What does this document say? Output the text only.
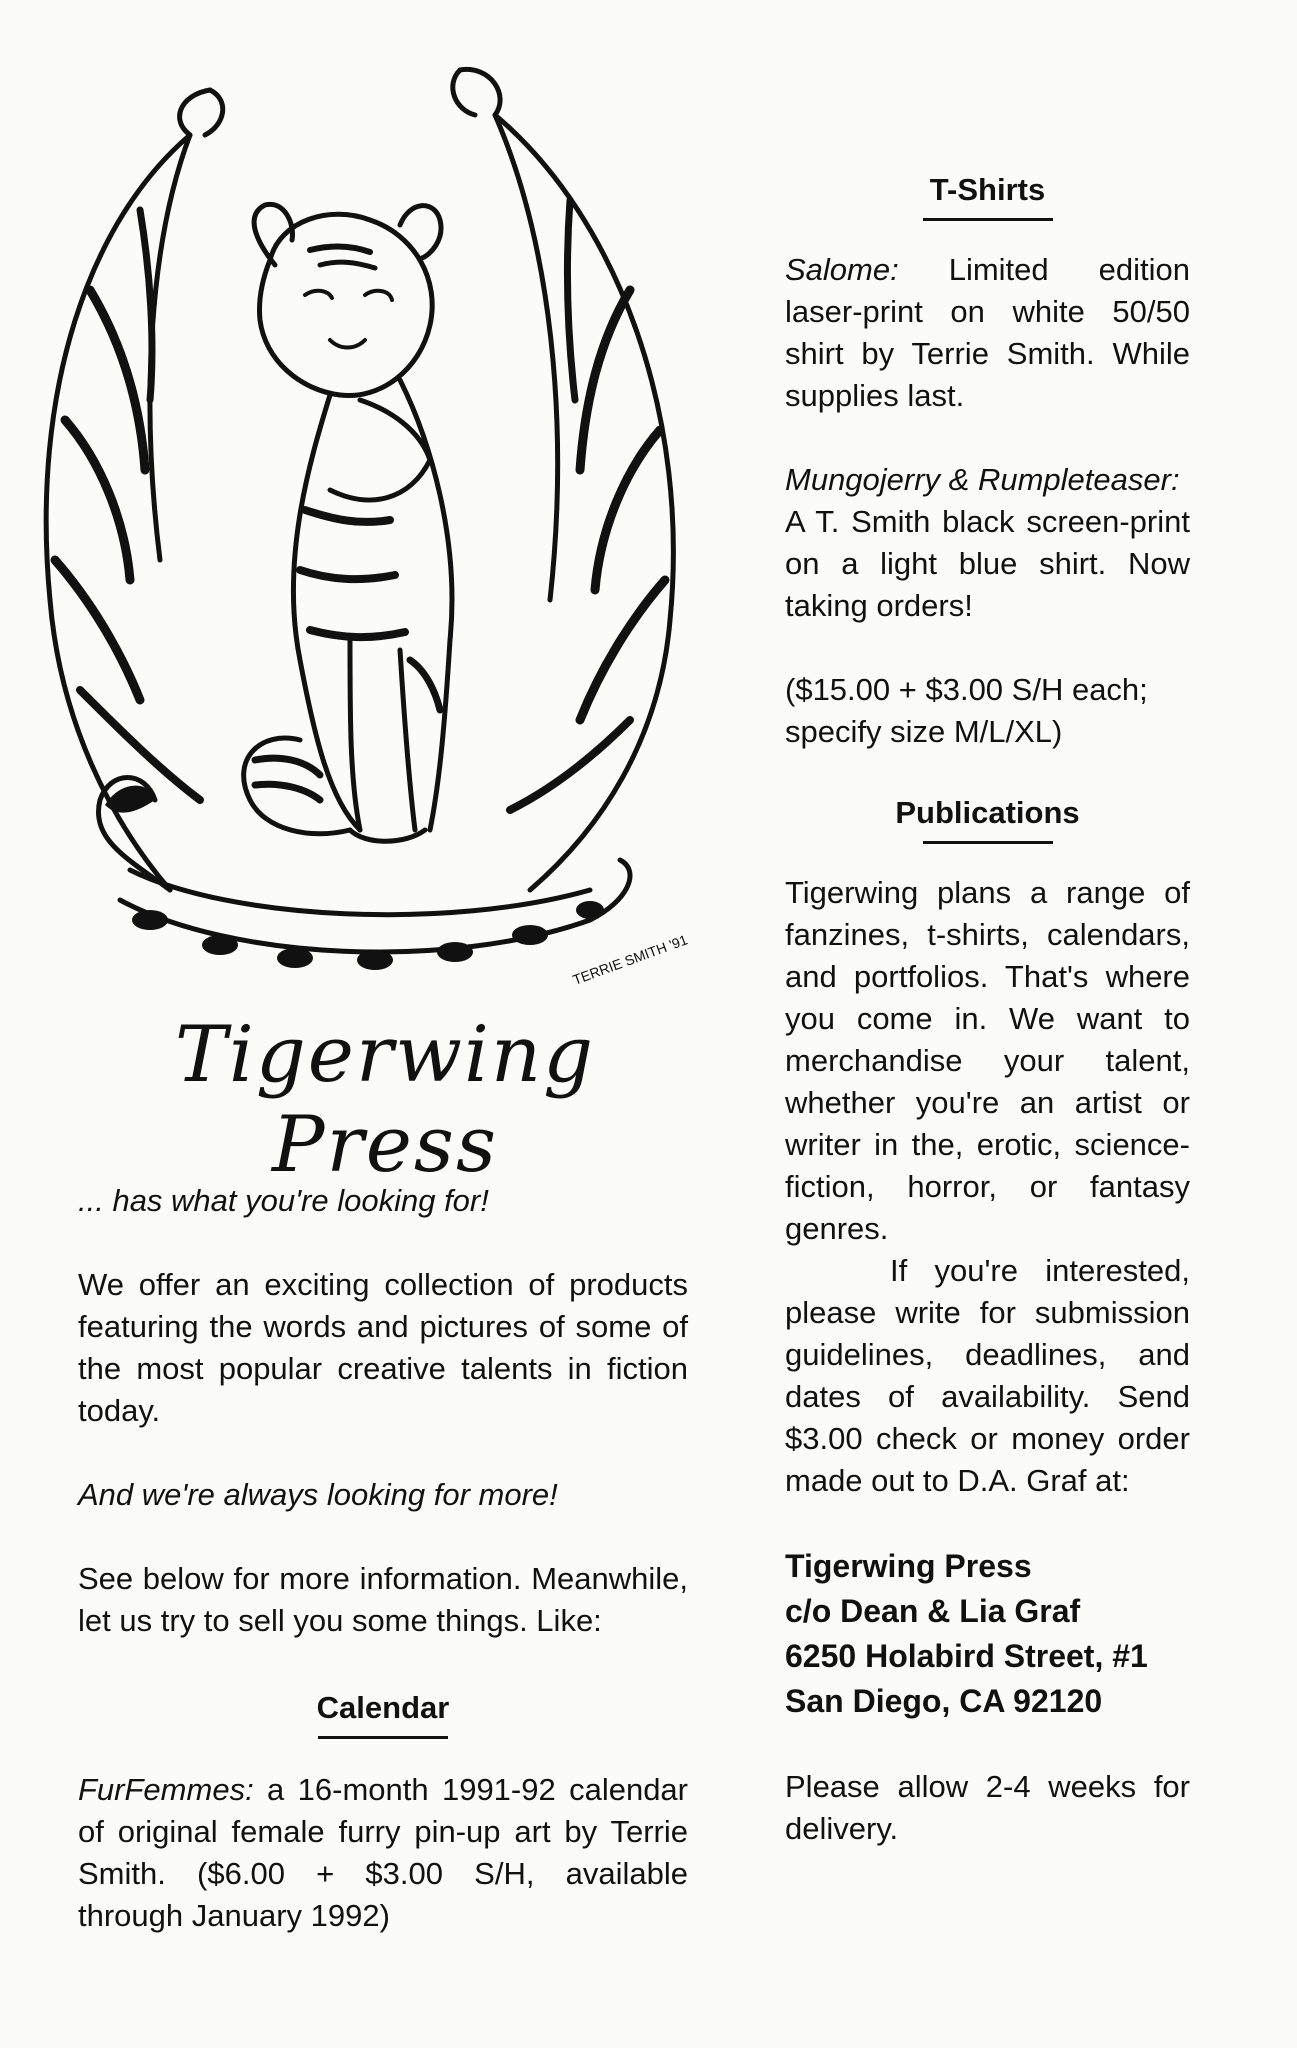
TERRIE SMITH '91
Tigerwing Press

... has what you're looking for!

We offer an exciting collection of products featuring the words and pictures of some of the most popular creative talents in fiction today.

And we're always looking for more!

See below for more information. Meanwhile, let us try to sell you some things. Like:

Calendar

FurFemmes: a 16-month 1991-92 calendar of original female furry pin-up art by Terrie Smith. ($6.00 + $3.00 S/H, available through January 1992)

T-Shirts

Salome: Limited edition laser-print on white 50/50 shirt by Terrie Smith. While supplies last.

Mungojerry & Rumpleteaser:

A T. Smith black screen-print on a light blue shirt. Now taking orders!

($15.00 + $3.00 S/H each; specify size M/L/XL)

Publications

Tigerwing plans a range of fanzines, t-shirts, calendars, and portfolios. That's where you come in. We want to merchandise your talent, whether you're an artist or writer in the, erotic, science-fiction, horror, or fantasy genres.

If you're interested, please write for submission guidelines, deadlines, and dates of availability. Send $3.00 check or money order made out to D.A. Graf at:

Tigerwing Press
c/o Dean & Lia Graf
6250 Holabird Street, #1
San Diego, CA 92120

Please allow 2-4 weeks for delivery.
